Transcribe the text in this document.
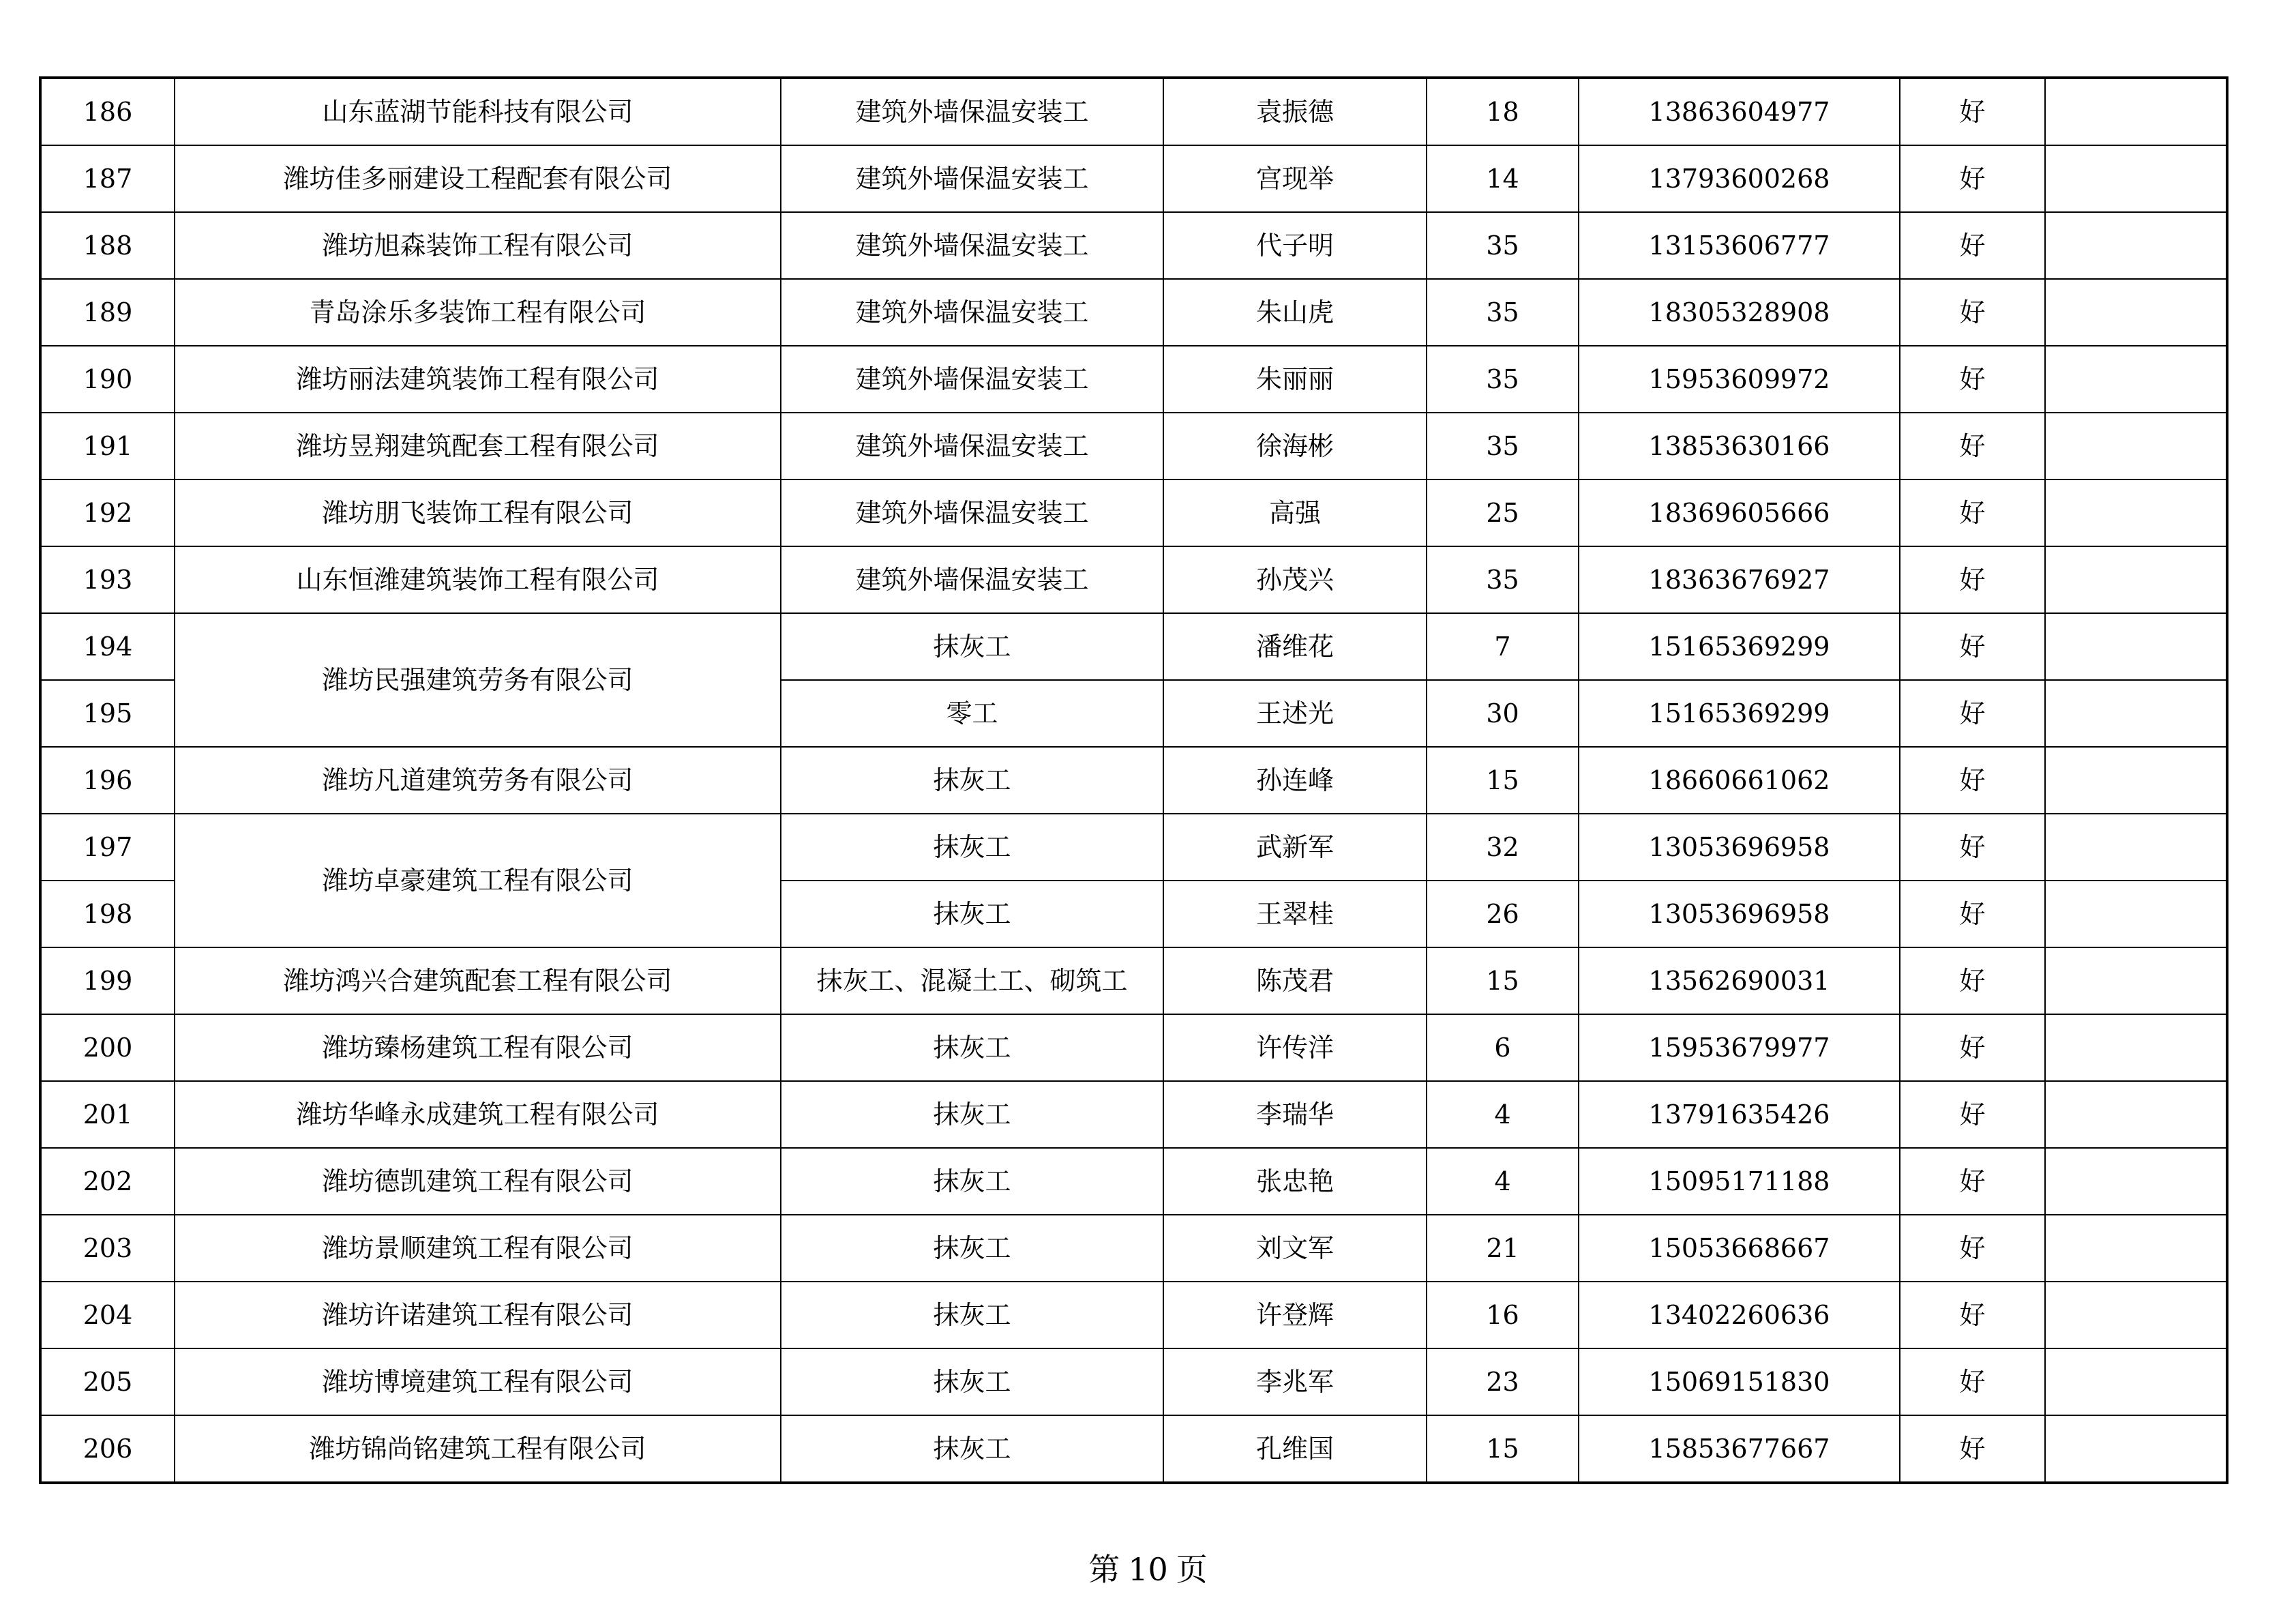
186	山东蓝湖节能科技有限公司	建筑外墙保温安装工	袁振德	18	13863604977	好	
187	潍坊佳多丽建设工程配套有限公司	建筑外墙保温安装工	宫现举	14	13793600268	好	
188	潍坊旭森装饰工程有限公司	建筑外墙保温安装工	代子明	35	13153606777	好	
189	青岛涂乐多装饰工程有限公司	建筑外墙保温安装工	朱山虎	35	18305328908	好	
190	潍坊丽法建筑装饰工程有限公司	建筑外墙保温安装工	朱丽丽	35	15953609972	好	
191	潍坊昱翔建筑配套工程有限公司	建筑外墙保温安装工	徐海彬	35	13853630166	好	
192	潍坊朋飞装饰工程有限公司	建筑外墙保温安装工	高强	25	18369605666	好	
193	山东恒潍建筑装饰工程有限公司	建筑外墙保温安装工	孙茂兴	35	18363676927	好	
194	潍坊民强建筑劳务有限公司	抹灰工	潘维花	7	15165369299	好	
195		零工	王述光	30	15165369299	好	
196	潍坊凡道建筑劳务有限公司	抹灰工	孙连峰	15	18660661062	好	
197	潍坊卓豪建筑工程有限公司	抹灰工	武新军	32	13053696958	好	
198		抹灰工	王翠桂	26	13053696958	好	
199	潍坊鸿兴合建筑配套工程有限公司	抹灰工、混凝土工、砌筑工	陈茂君	15	13562690031	好	
200	潍坊臻杨建筑工程有限公司	抹灰工	许传洋	6	15953679977	好	
201	潍坊华峰永成建筑工程有限公司	抹灰工	李瑞华	4	13791635426	好	
202	潍坊德凯建筑工程有限公司	抹灰工	张忠艳	4	15095171188	好	
203	潍坊景顺建筑工程有限公司	抹灰工	刘文军	21	15053668667	好	
204	潍坊许诺建筑工程有限公司	抹灰工	许登辉	16	13402260636	好	
205	潍坊博境建筑工程有限公司	抹灰工	李兆军	23	15069151830	好	
206	潍坊锦尚铭建筑工程有限公司	抹灰工	孔维国	15	15853677667	好	
第 10 页
